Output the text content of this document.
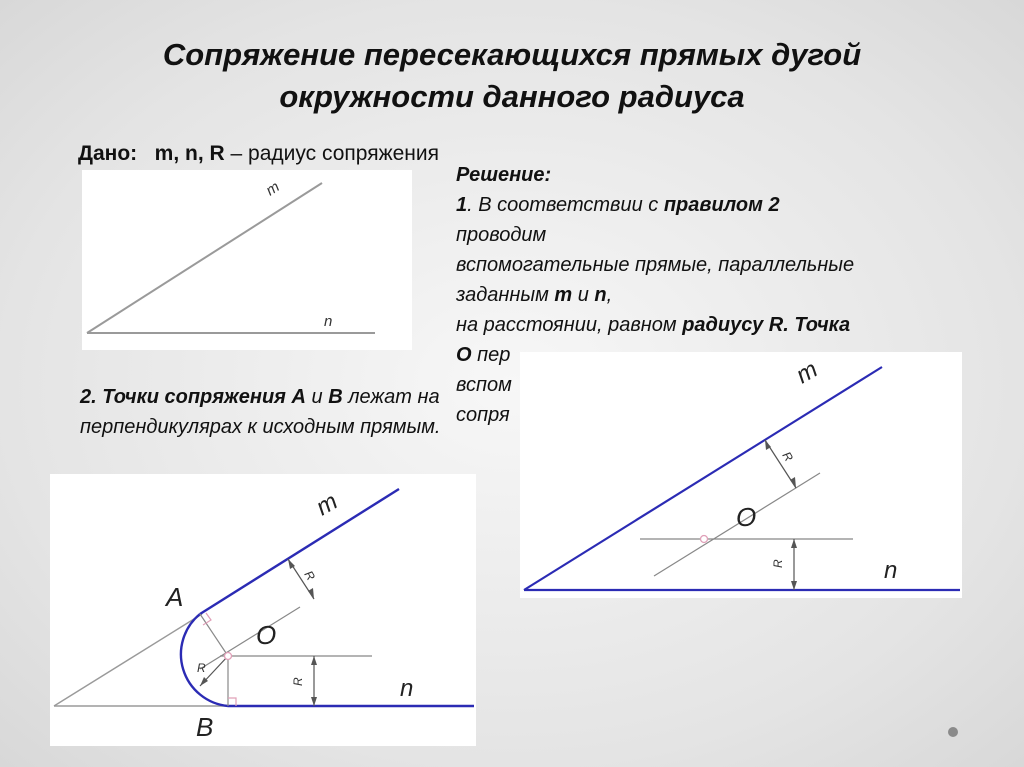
Сопряжение пересекающихся прямых дугой
окружности данного радиуса
Дано: m, n, R – радиус сопряжения
m
n
R
R
O
m
n
R
R
R
O
A
B
m
n
Решение:
1. В соответствии с правилом 2
проводим
вспомогательные прямые, параллельные
заданным m и n,
на расстоянии, равном радиусу R. Точка
O пер
вспом
сопря
2. Точки сопряжения А и В лежат на
перпендикулярах к исходным прямым.
